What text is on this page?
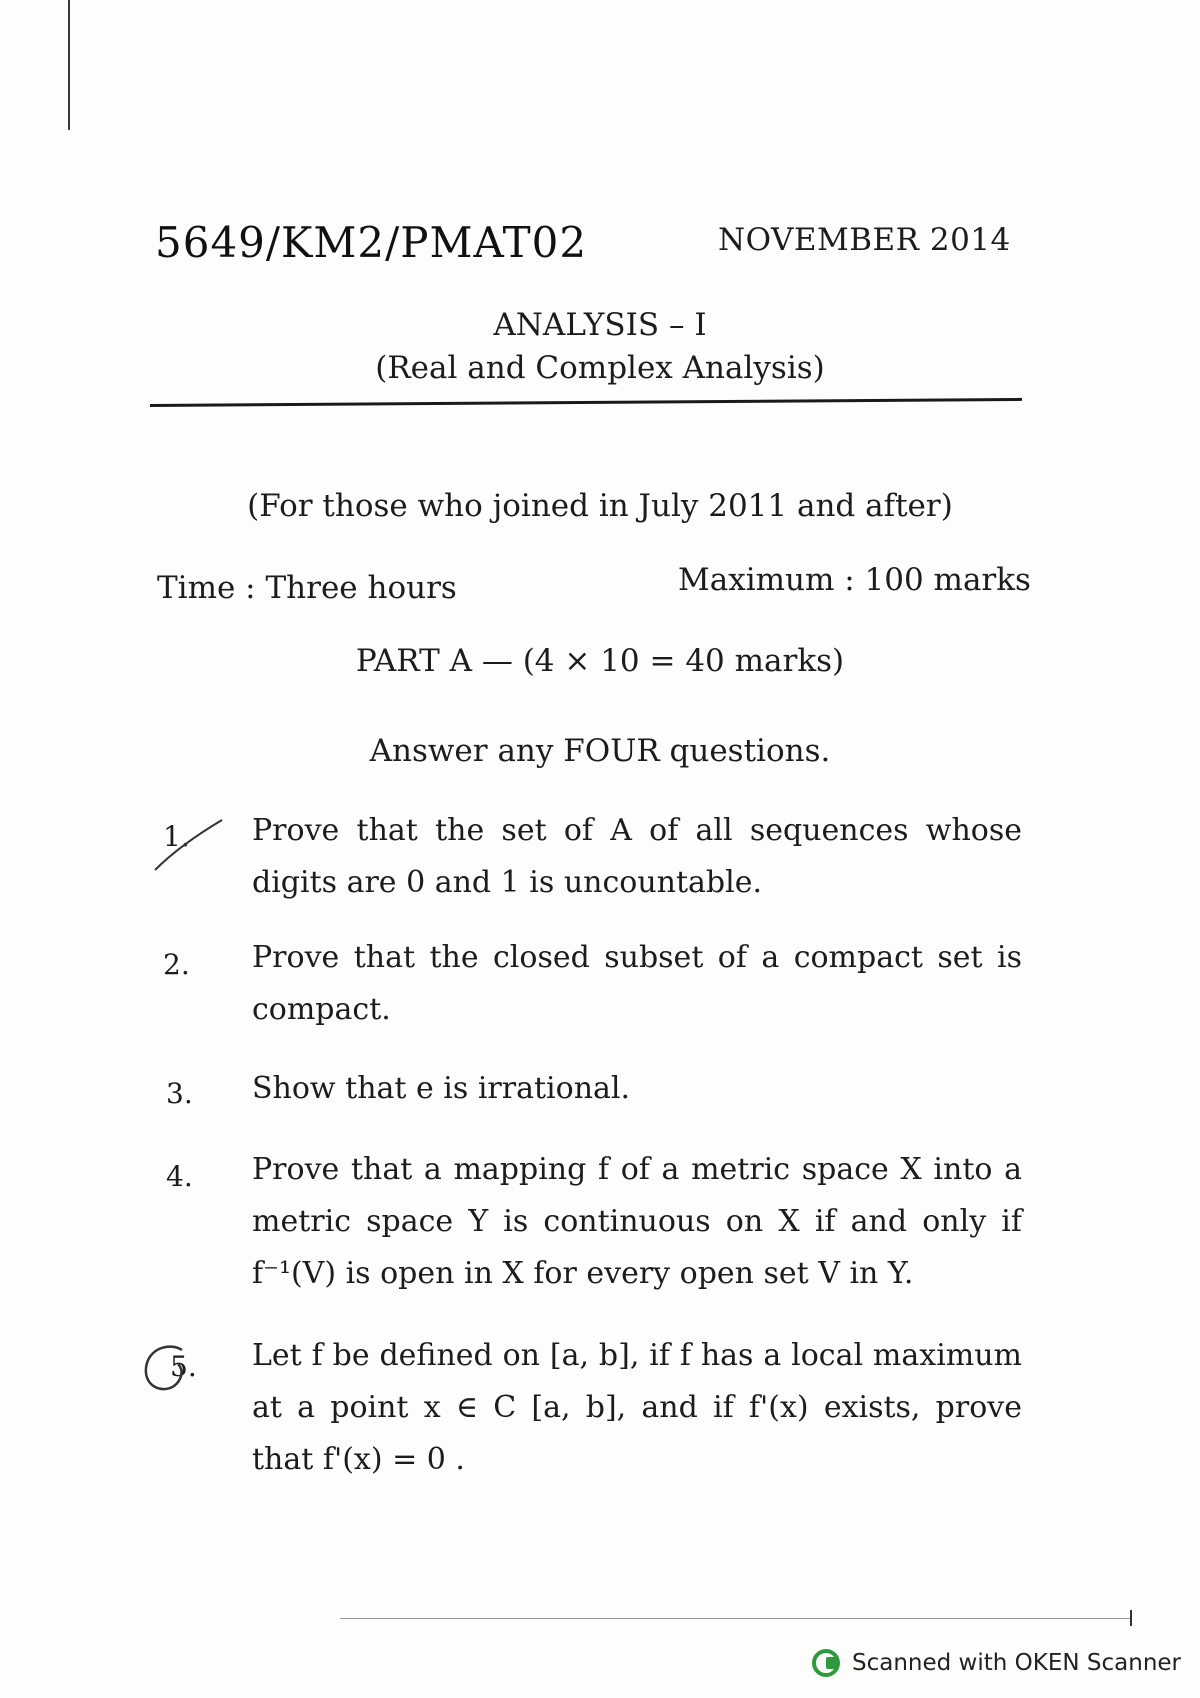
5649/KM2/PMAT02	NOVEMBER 2014
ANALYSIS – I
(Real and Complex Analysis)
(For those who joined in July 2011 and after)
Time : Three hours	Maximum : 100 marks
PART A — (4 × 10 = 40 marks)
Answer any FOUR questions.
1. Prove that the set of A of all sequences whose digits are 0 and 1 is uncountable.
2. Prove that the closed subset of a compact set is compact.
3. Show that e is irrational.
4. Prove that a mapping f of a metric space X into a metric space Y is continuous on X if and only if f⁻¹(V) is open in X for every open set V in Y.
5. Let f be defined on [a, b], if f has a local maximum at a point x ∈ C [a, b], and if f'(x) exists, prove that f'(x) = 0 .
Scanned with OKEN Scanner
